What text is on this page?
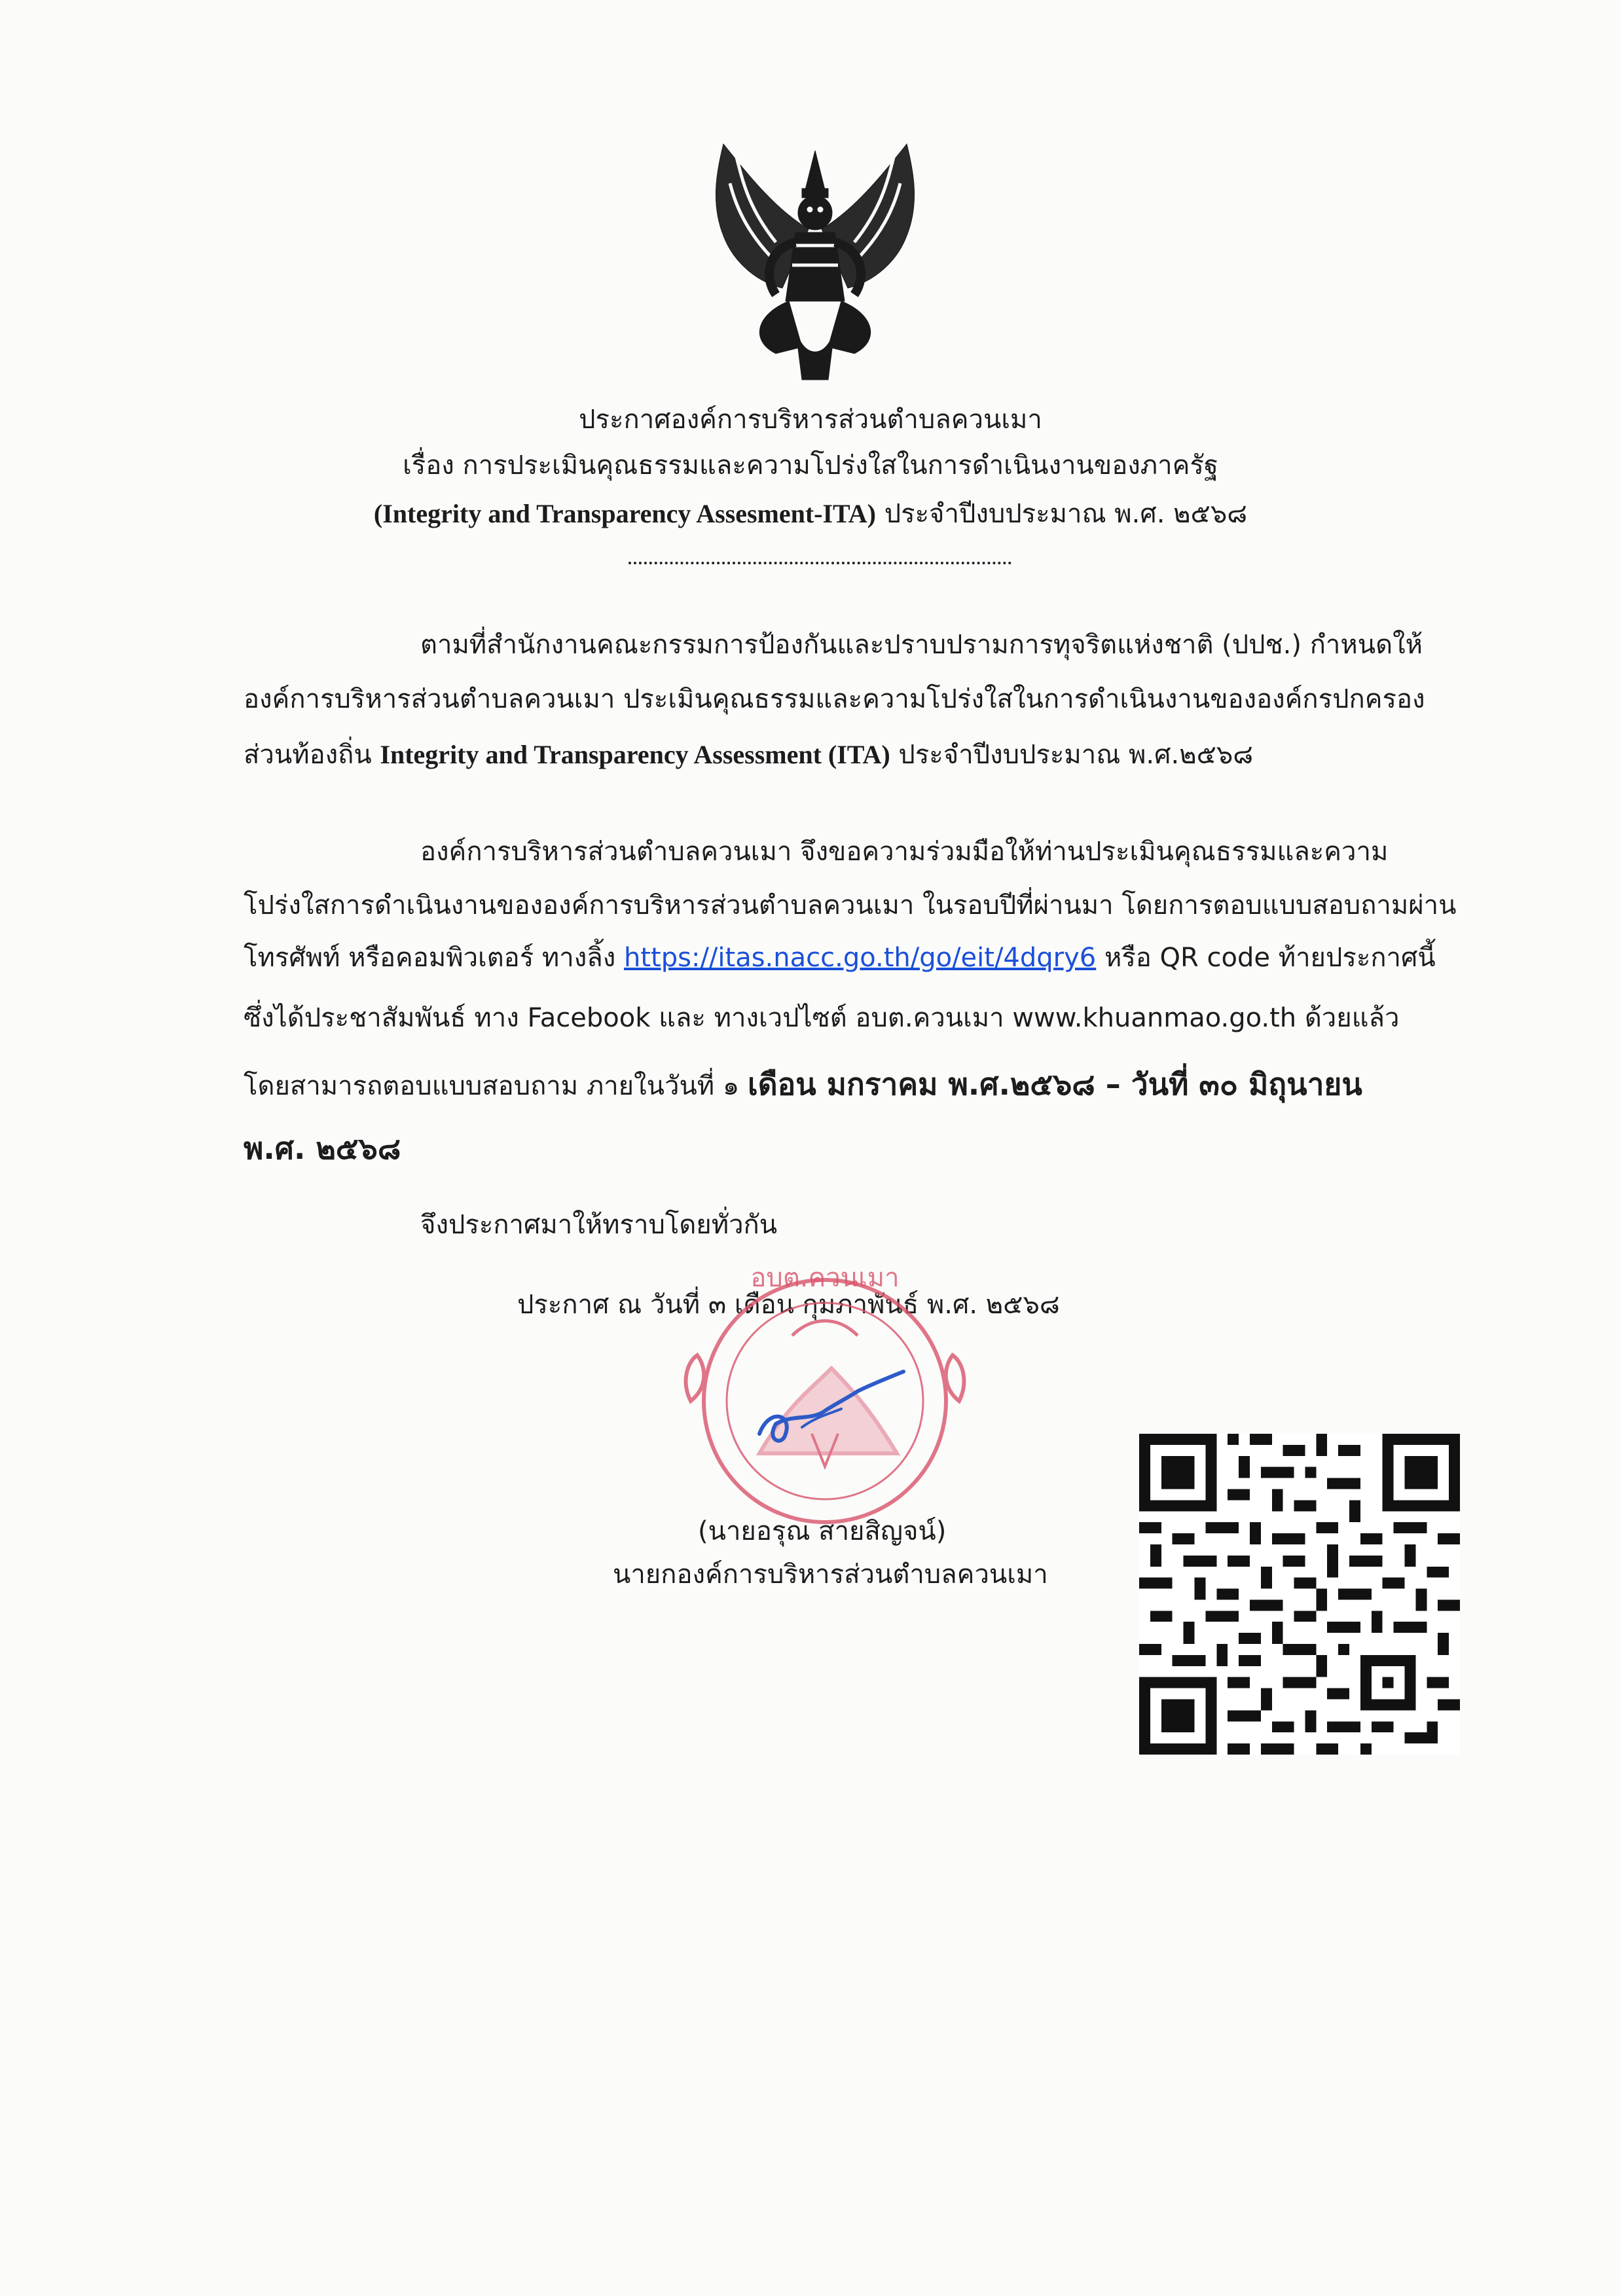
ประกาศองค์การบริหารส่วนตำบลควนเมา
เรื่อง การประเมินคุณธรรมและความโปร่งใสในการดำเนินงานของภาครัฐ
(Integrity and Transparency Assesment-ITA) ประจำปีงบประมาณ พ.ศ. ๒๕๖๘
ตามที่สำนักงานคณะกรรมการป้องกันและปราบปรามการทุจริตแห่งชาติ (ปปช.) กำหนดให้
องค์การบริหารส่วนตำบลควนเมา ประเมินคุณธรรมและความโปร่งใสในการดำเนินงานขององค์กรปกครอง
ส่วนท้องถิ่น Integrity and Transparency Assessment (ITA) ประจำปีงบประมาณ พ.ศ.๒๕๖๘
องค์การบริหารส่วนตำบลควนเมา จึงขอความร่วมมือให้ท่านประเมินคุณธรรมและความ
โปร่งใสการดำเนินงานขององค์การบริหารส่วนตำบลควนเมา ในรอบปีที่ผ่านมา โดยการตอบแบบสอบถามผ่าน
โทรศัพท์ หรือคอมพิวเตอร์ ทางลิ้ง https://itas.nacc.go.th/go/eit/4dqry6 หรือ QR code ท้ายประกาศนี้
ซึ่งได้ประชาสัมพันธ์ ทาง Facebook และ ทางเวปไซต์ อบต.ควนเมา www.khuanmao.go.th ด้วยแล้ว
โดยสามารถตอบแบบสอบถาม ภายในวันที่ ๑ เดือน มกราคม พ.ศ.๒๕๖๘ – วันที่ ๓๐ มิถุนายน
พ.ศ. ๒๕๖๘
จึงประกาศมาให้ทราบโดยทั่วกัน
ประกาศ ณ วันที่ ๓ เดือน กุมภาพันธ์ พ.ศ. ๒๕๖๘
อบต.ควนเมา
(นายอรุณ สายสิญจน์)
นายกองค์การบริหารส่วนตำบลควนเมา
